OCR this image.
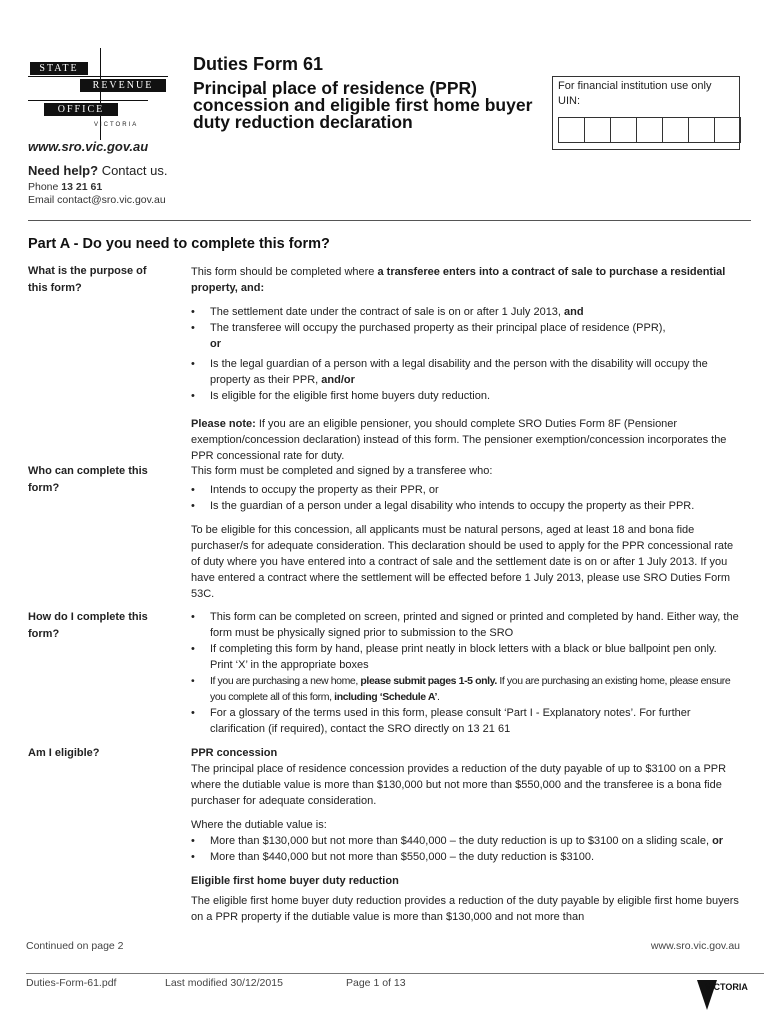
STATE
REVENUE
OFFICE
VICTORIA
www.sro.vic.gov.au
Need help? Contact us.
Phone 13 21 61
Email contact@sro.vic.gov.au
Duties Form 61
Principal place of residence (PPR) concession and eligible first home buyer duty reduction declaration
For financial institution use only
UIN:
Part A - Do you need to complete this form?
What is the purpose of this form?

This form should be completed where a transferee enters into a contract of sale to purchase a residential property, and:

• The settlement date under the contract of sale is on or after 1 July 2013, and
• The transferee will occupy the purchased property as their principal place of residence (PPR),
or
• Is the legal guardian of a person with a legal disability and the person with the disability will occupy the property as their PPR, and/or
• Is eligible for the eligible first home buyers duty reduction.

Please note: If you are an eligible pensioner, you should complete SRO Duties Form 8F (Pensioner exemption/concession declaration) instead of this form. The pensioner exemption/concession incorporates the PPR concessional rate for duty.

Who can complete this form?

This form must be completed and signed by a transferee who:

• Intends to occupy the property as their PPR, or
• Is the guardian of a person under a legal disability who intends to occupy the property as their PPR.

To be eligible for this concession, all applicants must be natural persons, aged at least 18 and bona fide purchaser/s for adequate consideration. This declaration should be used to apply for the PPR concessional rate of duty where you have entered into a contract of sale and the settlement date is on or after 1 July 2013. If you have entered a contract where the settlement will be effected before 1 July 2013, please use SRO Duties Form 53C.

How do I complete this form?
• This form can be completed on screen, printed and signed or printed and completed by hand. Either way, the form must be physically signed prior to submission to the SRO
• If completing this form by hand, please print neatly in block letters with a black or blue ballpoint pen only. Print ‘X’ in the appropriate boxes
• If you are purchasing a new home, please submit pages 1-5 only. If you are purchasing an existing home, please ensure you complete all of this form, including ‘Schedule A’.
• For a glossary of the terms used in this form, please consult ‘Part I - Explanatory notes’. For further clarification (if required), contact the SRO directly on 13 21 61
Am I eligible?	PPR concession

The principal place of residence concession provides a reduction of the duty payable of up to $3100 on a PPR where the dutiable value is more than $130,000 but not more than $550,000 and the transferee is a bona fide purchaser for adequate consideration.

Where the dutiable value is:

• More than $130,000 but not more than $440,000 – the duty reduction is up to $3100 on a sliding scale, or
• More than $440,000 but not more than $550,000 – the duty reduction is $3100.
Eligible first home buyer duty reduction

The eligible first home buyer duty reduction provides a reduction of the duty payable by eligible first home buyers on a PPR property if the dutiable value is more than $130,000 and not more than

Continued on page 2	www.sro.vic.gov.au
Duties-Form-61.pdf	Last modified 30/12/2015	Page 1 of 13	VICTORIA
